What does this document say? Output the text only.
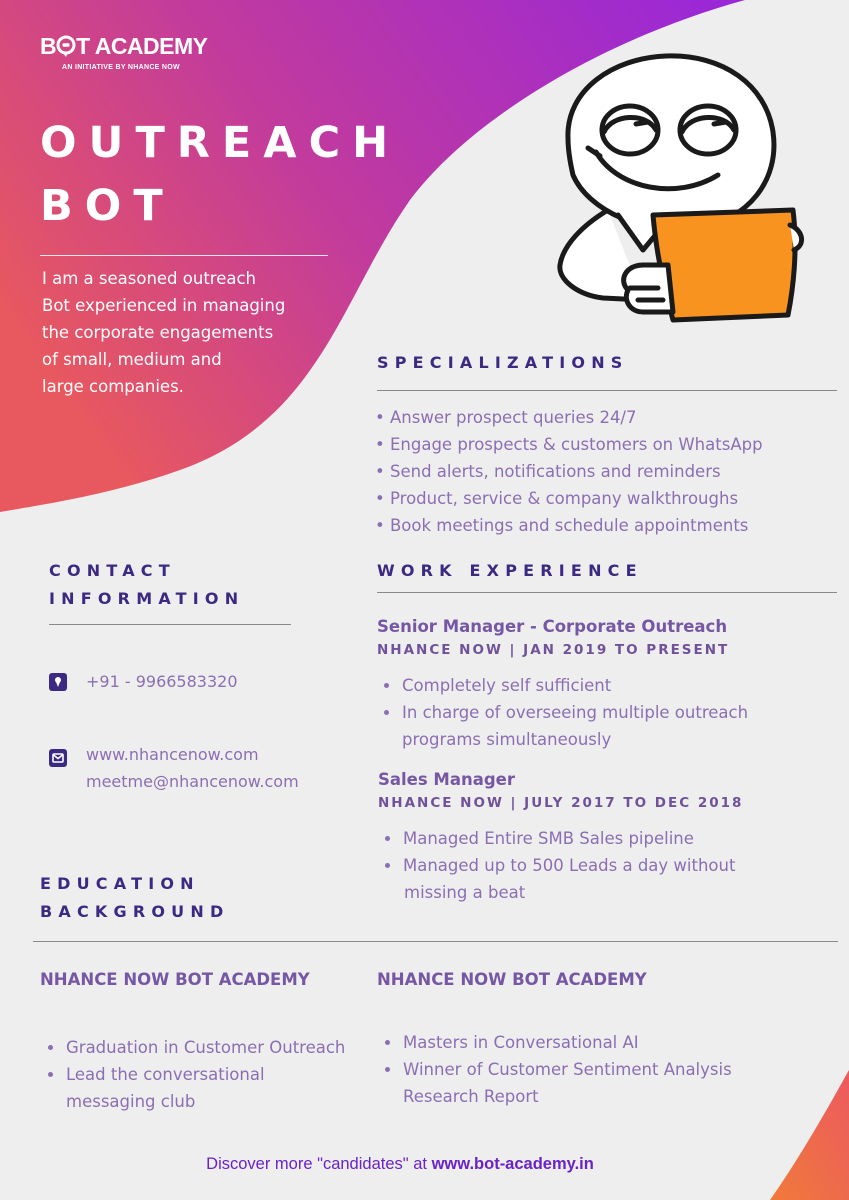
B T ACADEMY
AN INITIATIVE BY NHANCE NOW
OUTREACH
BOT
I am a seasoned outreach
Bot experienced in managing
the corporate engagements
of small, medium and
large companies.
SPECIALIZATIONS
• Answer prospect queries 24/7
• Engage prospects & customers on WhatsApp
• Send alerts, notifications and reminders
• Product, service & company walkthroughs
• Book meetings and schedule appointments
CONTACT
INFORMATION
+91 - 9966583320
www.nhancenow.com
meetme@nhancenow.com
WORK EXPERIENCE
Senior Manager - Corporate Outreach
NHANCE NOW | JAN 2019 TO PRESENT
Completely self sufficient
In charge of overseeing multiple outreach
programs simultaneously
Sales Manager
NHANCE NOW | JULY 2017 TO DEC 2018
Managed Entire SMB Sales pipeline
Managed up to 500 Leads a day without
missing a beat
EDUCATION
BACKGROUND
NHANCE NOW BOT ACADEMY
Graduation in Customer Outreach
Lead the conversational
messaging club
NHANCE NOW BOT ACADEMY
Masters in Conversational AI
Winner of Customer Sentiment Analysis
Research Report
Discover more "candidates" at www.bot-academy.in
